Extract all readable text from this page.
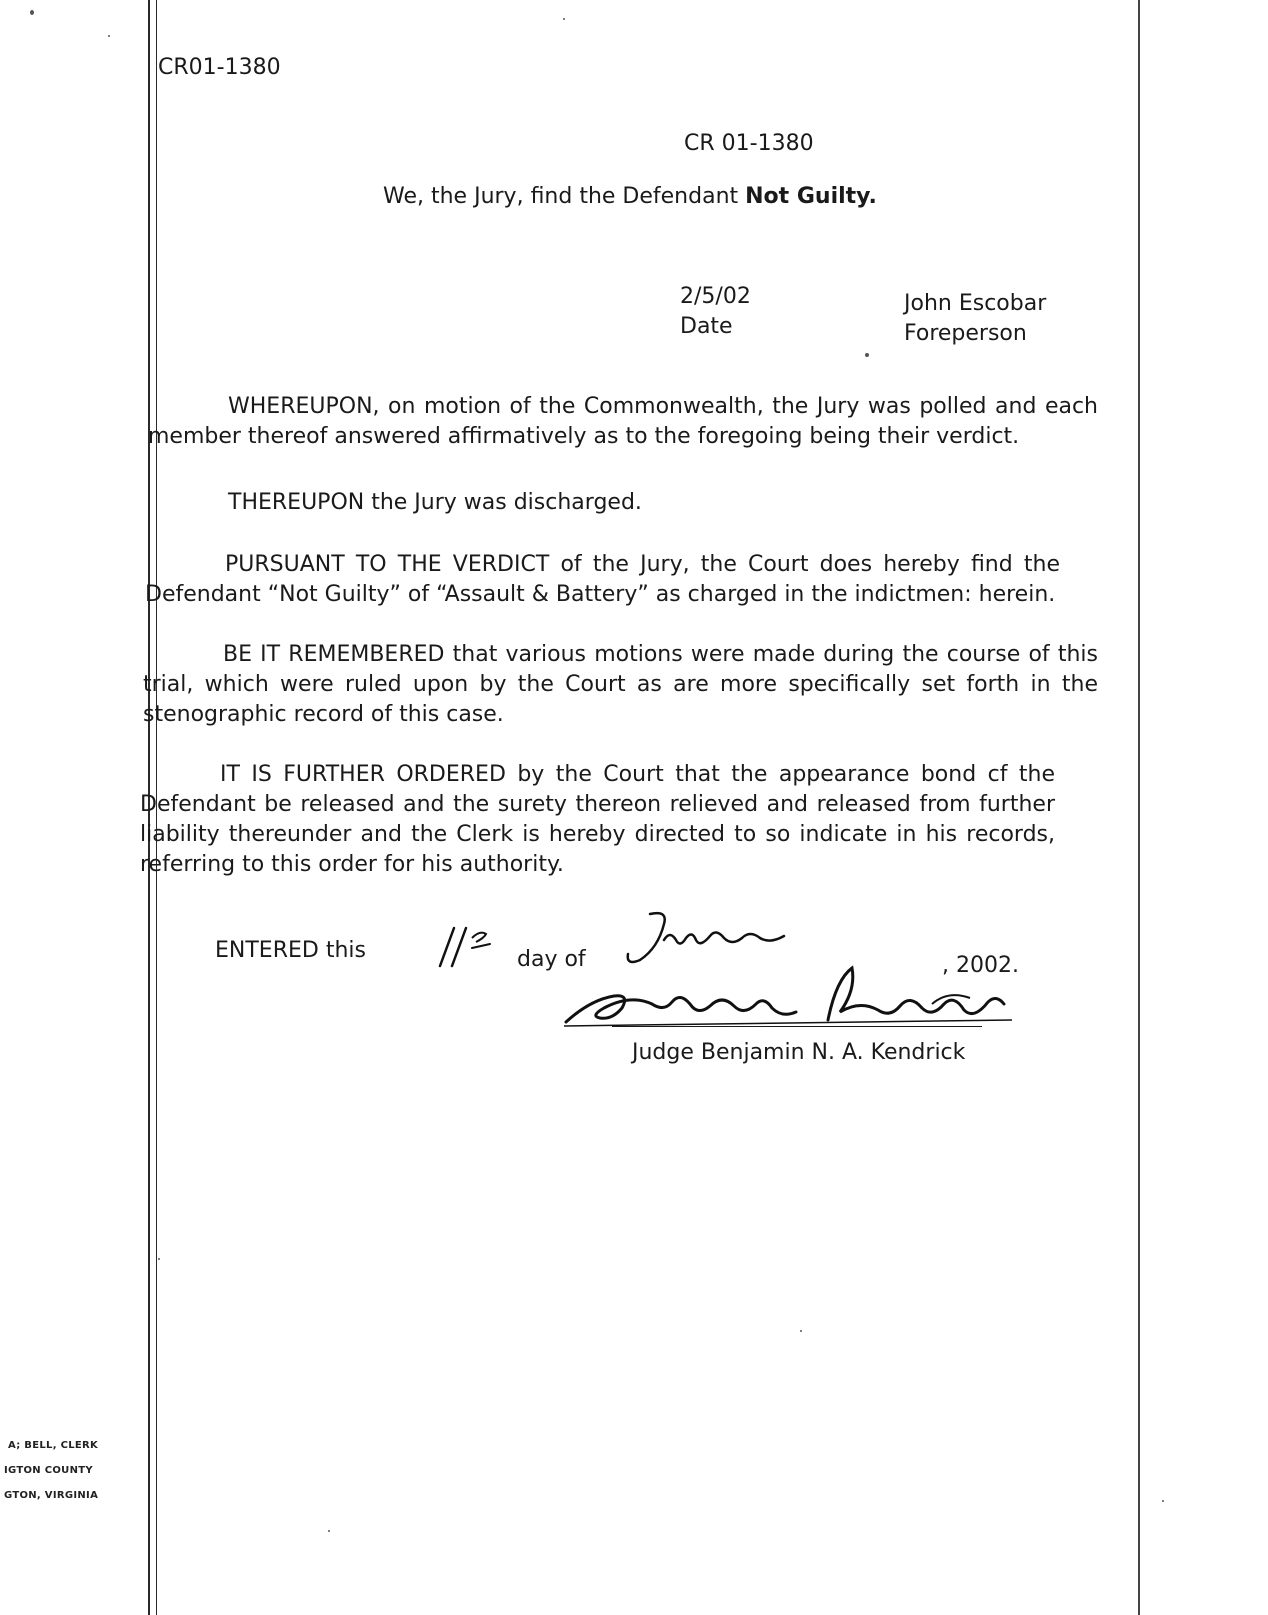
CR01-1380
CR 01-1380
We, the Jury, find the Defendant Not Guilty.
2/5/02
Date
John Escobar
Foreperson
WHEREUPON, on motion of the Commonwealth, the Jury was polled and each member thereof answered affirmatively as to the foregoing being their verdict.
THEREUPON the Jury was discharged.
PURSUANT TO THE VERDICT of the Jury, the Court does hereby find the Defendant “Not Guilty” of “Assault & Battery” as charged in the indictmen: herein.
BE IT REMEMBERED that various motions were made during the course of this trial, which were ruled upon by the Court as are more specifically set forth in the stenographic record of this case.
IT IS FURTHER ORDERED by the Court that the appearance bond cf the Defendant be released and the surety thereon relieved and released from further liability thereunder and the Clerk is hereby directed to so indicate in his records, referring to this order for his authority.
ENTERED this	day of	, 2002.
Judge Benjamin N. A. Kendrick
A; BELL, CLERK
IGTON COUNTY
GTON, VIRGINIA
